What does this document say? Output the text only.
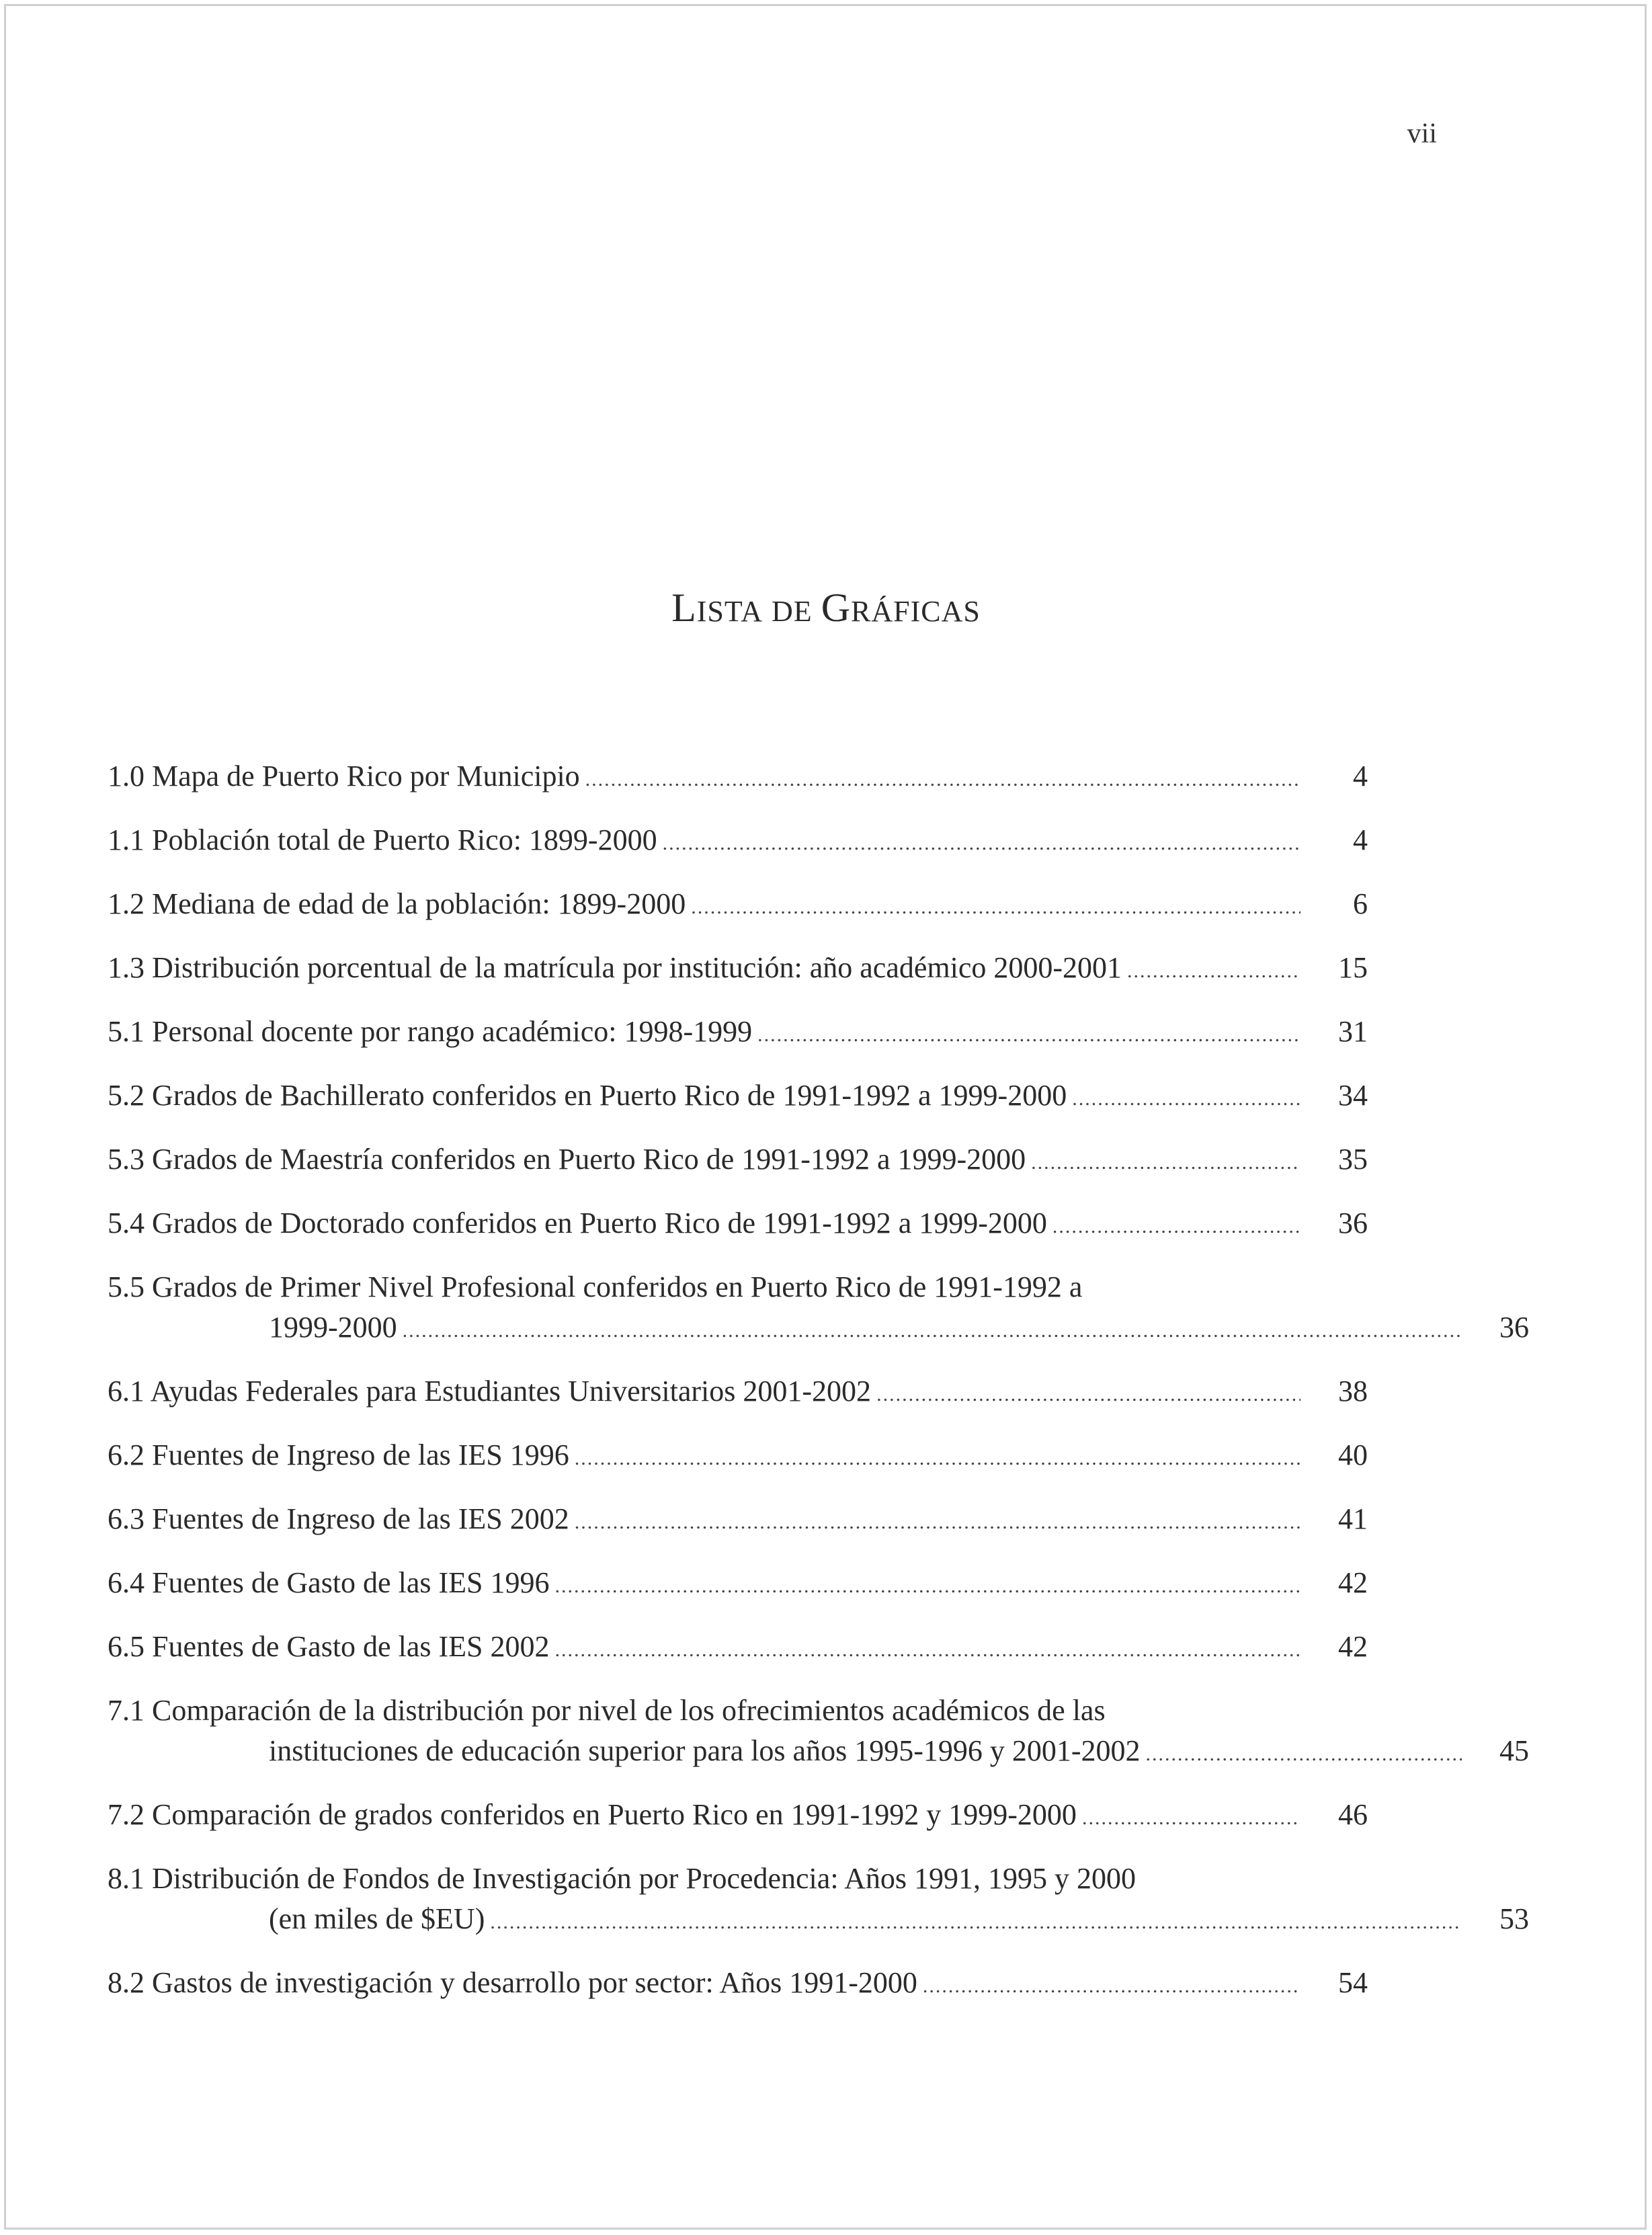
vii
LISTA DE GRÁFICAS
1.0 Mapa de Puerto Rico por Municipio .....	4
1.1 Población total de Puerto Rico: 1899-2000 .....	4
1.2 Mediana de edad de la población: 1899-2000 .....	6
1.3 Distribución porcentual de la matrícula por institución: año académico 2000-2001 .....	15
5.1 Personal docente por rango académico: 1998-1999 .....	31
5.2 Grados de Bachillerato conferidos en Puerto Rico de 1991-1992 a 1999-2000 .....	34
5.3 Grados de Maestría conferidos en Puerto Rico de 1991-1992 a 1999-2000 .....	35
5.4 Grados de Doctorado conferidos en Puerto Rico de 1991-1992 a 1999-2000 .....	36
5.5 Grados de Primer Nivel Profesional conferidos en Puerto Rico de 1991-1992 a
1999-2000 .....	36
6.1 Ayudas Federales para Estudiantes Universitarios 2001-2002 .....	38
6.2 Fuentes de Ingreso de las IES 1996 .....	40
6.3 Fuentes de Ingreso de las IES 2002 .....	41
6.4 Fuentes de Gasto de las IES 1996 .....	42
6.5 Fuentes de Gasto de las IES 2002 .....	42
7.1 Comparación de la distribución por nivel de los ofrecimientos académicos de las
instituciones de educación superior para los años 1995-1996 y 2001-2002 .....	45
7.2 Comparación de grados conferidos en Puerto Rico en 1991-1992 y 1999-2000 .....	46
8.1 Distribución de Fondos de Investigación por Procedencia: Años 1991, 1995 y 2000
(en miles de $EU) .....	53
8.2 Gastos de investigación y desarrollo por sector: Años 1991-2000 .....	54
